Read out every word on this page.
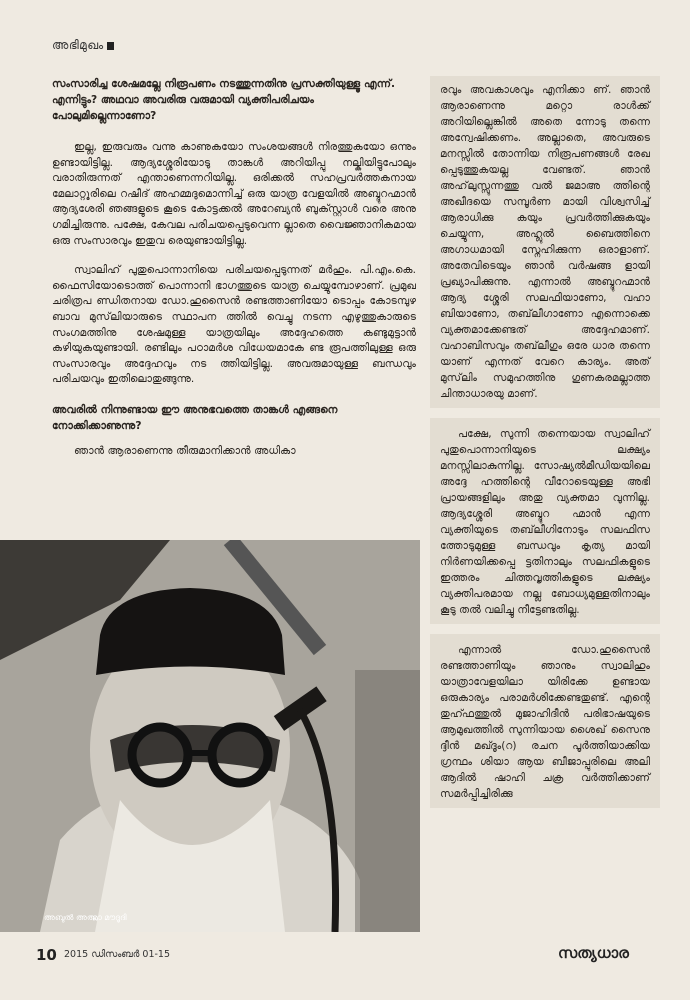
അഭിമുഖം

സംസാരിച്ച ശേഷമല്ലേ നിരൂപണം നടത്തുന്നതിനു പ്രസക്തിയുള്ളൂ എന്ന്. എന്നിട്ടും? അഥവാ അവരിരു വരുമായി വ്യക്തിപരിചയം പോലുമില്ലെന്നാണോ?

ഇല്ല, ഇരുവരും വന്നു കാണുകയോ സംശയങ്ങൾ നിരത്തുകയോ ഒന്നും ഉണ്ടായിട്ടില്ല. ആദ്യശ്ശേരിയോടു താങ്കൾ അറിയിപ്പു നല്കിയിട്ടുപോലും വരാതിരുന്നത് എന്താണെന്നറിയില്ല. ഒരിക്കൽ സഹപ്രവർത്തകനായ മേലാറ്റൂരിലെ റഷീദ് അഹമ്മദുമൊന്നിച്ച് ഒരു യാത്ര വേളയിൽ അബ്ദുറഹ്മാൻ ആദ്യശേരി ഞങ്ങളുടെ കൂടെ കോട്ടക്കൽ അറേബ്യൻ ബുക്സ്റ്റാൾ വരെ അനു ഗമിച്ചിരുന്നു. പക്ഷേ, കേവല പരിചയപ്പെടുവെന്ന ല്ലാതെ വൈജ്ഞാനികമായ ഒരു സംസാരവും ഇതുവ രെയുണ്ടായിട്ടില്ല.

സ്വാലിഹ് പുതുപൊന്നാനിയെ പരിചയപ്പെടുന്നത് മർഹും. പി.എം.കെ. ഫൈസിയോടൊത്ത് പൊന്നാനി ഭാഗത്തുടെ യാത്ര ചെയ്യുമ്പോഴാണ്. പ്രമുഖ ചരിത്രപ ണ്ഡിതനായ ഡോ.ഹുസൈൻ രണ്ടത്താണിയോ ടൊപ്പം കോടമ്പുഴ ബാവ മുസ്‌ലിയാരുടെ സ്ഥാപന ത്തിൽ വെച്ചു നടന്ന എഴുത്തുകാരുടെ സംഗമത്തിനു ശേഷമുള്ള യാത്രയിലും അദ്ദേഹത്തെ കണ്ടുമുട്ടാൻ കഴിയുകയുണ്ടായി. രണ്ടിലും പഠാമർശ വിധേയമാകേ ണ്ട രൂപത്തിലുള്ള ഒരു സംസാരവും അദ്ദേഹവും നട ത്തിയിട്ടില്ല. അവരുമായുള്ള ബന്ധവും പരിചയവും ഇതിലൊതുങ്ങുന്നു.

അവരിൽ നിന്നുണ്ടായ ഈ അനുഭവത്തെ താങ്കൾ എങ്ങനെ നോക്കിക്കാണുന്നു?

ഞാൻ ആരാണെന്നു തീരുമാനിക്കാൻ അധികാ

രവും അവകാശവും എനിക്കാ ണ്. ഞാൻ ആരാണെന്നു മറ്റൊ രാൾക്ക് അറിയില്ലെങ്കിൽ അതെ ന്നോടു തന്നെ അന്വേഷിക്കണം. അല്ലാതെ, അവരുടെ മനസ്സിൽ തോന്നിയ നിരൂപണങ്ങൾ രേഖ പ്പെടുത്തുകയല്ല വേണ്ടത്. ഞാൻ അഹ്‌ലുസ്സുന്നത്തു വൽ ജമാഅ ത്തിന്റെ അഖീദയെ സമ്പൂർണ മായി വിശ്വസിച്ച് ആരാധിക്കു കയും പ്രവർത്തിക്കുകയും ചെയ്യുന്ന, അഹ്ലുൽ ബൈത്തിനെ അഗാധമായി സ്നേഹിക്കുന്ന ഒരാളാണ്. അതേവിടെയും ഞാൻ വർഷങ്ങ ളായി പ്രഖ്യാപിക്കുന്നു. എന്നാൽ അബ്ദുറഹ്മാൻ ആദ്യ ശ്ശേരി സലഫിയാണോ, വഹാ ബിയാണോ, തബ്‌ലീഗാണോ എന്നൊക്കെ വ്യക്തമാക്കേണ്ടത് അദ്ദേഹമാണ്. വഹാബിസവും തബ്‌ലീഗും ഒരേ ധാര തന്നെ യാണ് എന്നത് വേറെ കാര്യം. അത് മുസ്‌ലിം സമുഹത്തിനു ഗുണകരമല്ലാത്ത ചിന്താധാരയു മാണ്.

പക്ഷേ, സുന്നി തന്നെയായ സ്വാലിഹ് പുതുപൊന്നാനിയുടെ ലക്ഷ്യം മനസ്സിലാകുന്നില്ല. സോഷ്യൽമീഡിയയിലെ അദ്ദേ ഹത്തിന്റെ വീറോടെയുള്ള അഭി പ്രായങ്ങളിലും അതു വ്യക്തമാ വുന്നില്ല. ആദ്യശ്ശേരി അബ്ദുറ ഹ്മാൻ എന്ന വ്യക്തിയുടെ തബ്‌ലീഗിനോടും സലഫിസ ത്തോടുമുള്ള ബന്ധവും കൃത്യ മായി നിർണയിക്കപ്പെ ട്ടതിനാലും സലഫികളുടെ ഇത്തരം ചിത്തവൃത്തികളുടെ ലക്ഷ്യം വ്യക്തിപരമായ നല്ല ബോധ്യമുള്ളതിനാലും കൂടു തൽ വലിച്ചു നീട്ടേണ്ടതില്ല.

എന്നാൽ ഡോ.ഹുസൈൻ രണ്ടത്താണിയും ഞാനും സ്വാലിഹും യാത്രാവേളയിലാ യിരിക്കേ ഉണ്ടായ ഒരുകാര്യം പരാമർശിക്കേണ്ടതുണ്ട്. എന്റെ തുഹ്ഫത്തുൽ മുജാഹിദീൻ പരിഭാഷയുടെ ആമുഖത്തിൽ സുന്നിയായ ശൈഖ് സൈനു ദ്ദീൻ മഖ്ദൂം(റ) രചന പൂർത്തിയാക്കിയ ഗ്രന്ഥം ശിയാ ആയ ബീജാപ്പുരിലെ അലി ആദിൽ ഷാഹി ചക്ര വർത്തിക്കാണ് സമർപ്പിച്ചിരിക്കു

അബുൽ അഅ്ലാ മൗദൂദി
10 2015 ഡിസംബർ 01-15	സത്യധാര
